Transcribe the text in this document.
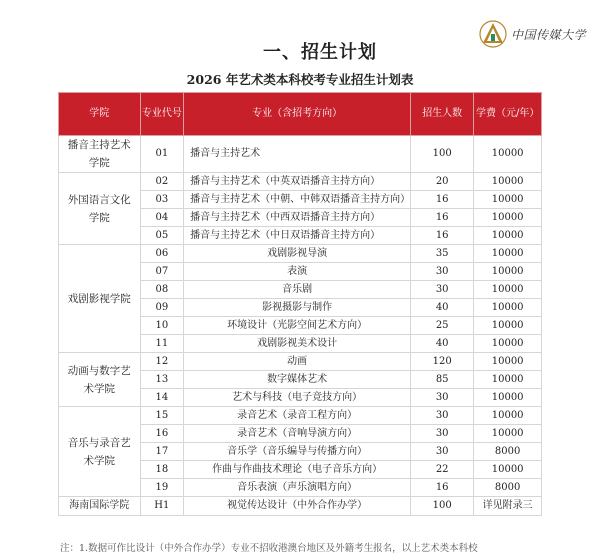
中国传媒大学
一、招生计划
2026 年艺术类本科校考专业招生计划表
学院	专业代号	专业（含招考方向）	招生人数	学费（元/年）
播音主持艺术学院	01	播音与主持艺术	100	10000
外国语言文化学院	02	播音与主持艺术（中英双语播音主持方向）	20	10000
	03	播音与主持艺术（中朝、中韩双语播音主持方向）	16	10000
	04	播音与主持艺术（中西双语播音主持方向）	16	10000
	05	播音与主持艺术（中日双语播音主持方向）	16	10000
戏剧影视学院	06	戏剧影视导演	35	10000
	07	表演	30	10000
	08	音乐剧	30	10000
	09	影视摄影与制作	40	10000
	10	环境设计（光影空间艺术方向）	25	10000
	11	戏剧影视美术设计	40	10000
动画与数字艺术学院	12	动画	120	10000
	13	数字媒体艺术	85	10000
	14	艺术与科技（电子竞技方向）	30	10000
音乐与录音艺术学院	15	录音艺术（录音工程方向）	30	10000
	16	录音艺术（音响导演方向）	30	10000
	17	音乐学（音乐编导与传播方向）	30	8000
	18	作曲与作曲技术理论（电子音乐方向）	22	10000
	19	音乐表演（声乐演唱方向）	16	8000
海南国际学院	H1	视觉传达设计（中外合作办学）	100	详见附录三
注：1.数据可作比设计（中外合作办学）专业不招收港澳台地区及外籍考生报名，以上艺术类本科校
